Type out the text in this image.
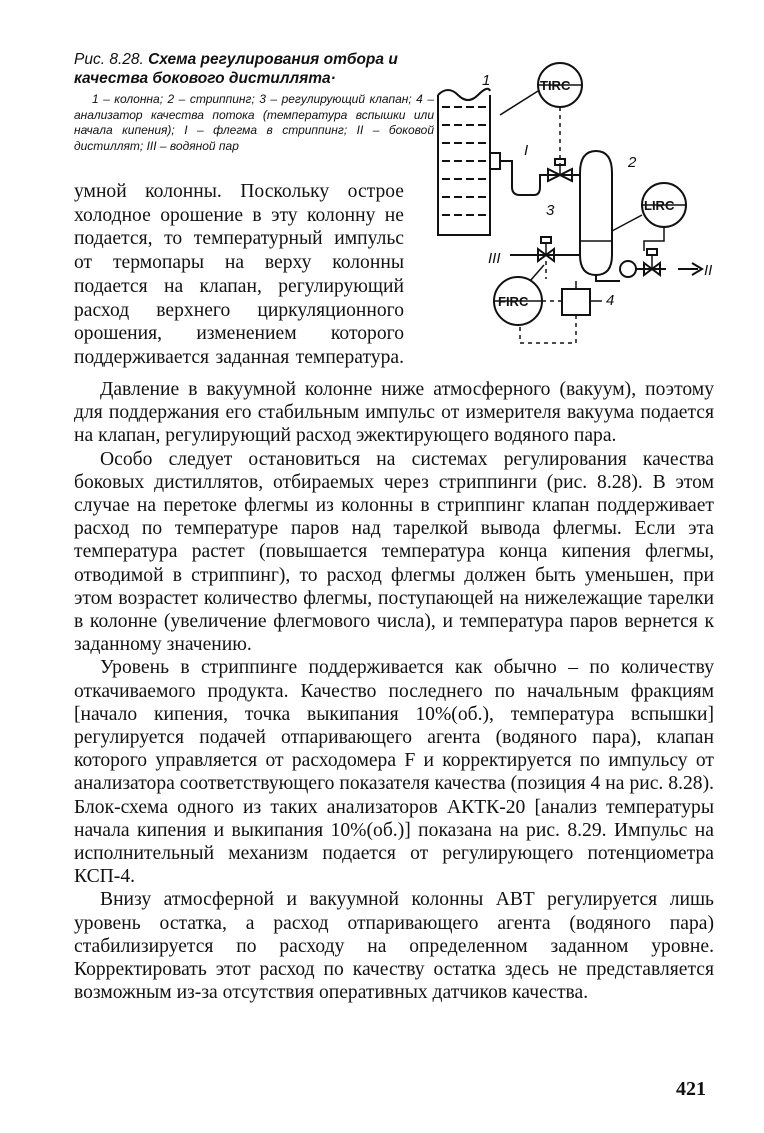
Рис. 8.28. Схема регулирования отбора и качества бокового дистиллята·
1 – колонна; 2 – стриппинг; 3 – регулирующий клапан; 4 – анализатор качества потока (температура вспышки или начала кипения); I – флегма в стриппинг; II – боковой дистиллят; III – водяной пар
TIRC
LIRC
FIRC
1
2
3
4
I
II
III
умной колонны. Поскольку острое холодное орошение в эту колонну не подается, то температурный импульс от термопары на верху колонны подается на клапан, регулирующий расход верхнего циркуляционного орошения, изменением которого поддерживается заданная температура.

Давление в вакуумной колонне ниже атмосферного (вакуум), поэтому для поддержания его стабильным импульс от измерителя вакуума подается на клапан, регулирующий расход эжектирующего водяного пара.

Особо следует остановиться на системах регулирования качества боковых дистиллятов, отбираемых через стриппинги (рис. 8.28). В этом случае на перетоке флегмы из колонны в стриппинг клапан поддерживает расход по температуре паров над тарелкой вывода флегмы. Если эта температура растет (повышается температура конца кипения флегмы, отводимой в стриппинг), то расход флегмы должен быть уменьшен, при этом возрастет количество флегмы, поступающей на нижележащие тарелки в колонне (увеличение флегмового числа), и температура паров вернется к заданному значению.

Уровень в стриппинге поддерживается как обычно – по количеству откачиваемого продукта. Качество последнего по начальным фракциям [начало кипения, точка выкипания 10%(об.), температура вспышки] регулируется подачей отпаривающего агента (водяного пара), клапан которого управляется от расходомера F и корректируется по импульсу от анализатора соответствующего показателя качества (позиция 4 на рис. 8.28). Блок-схема одного из таких анализаторов АКТК-20 [анализ температуры начала кипения и выкипания 10%(об.)] показана на рис. 8.29. Импульс на исполнительный механизм подается от регулирующего потенциометра КСП-4.

Внизу атмосферной и вакуумной колонны АВТ регулируется лишь уровень остатка, а расход отпаривающего агента (водяного пара) стабилизируется по расходу на определенном заданном уровне. Корректировать этот расход по качеству остатка здесь не представляется возможным из-за отсутствия оперативных датчиков качества.

421
